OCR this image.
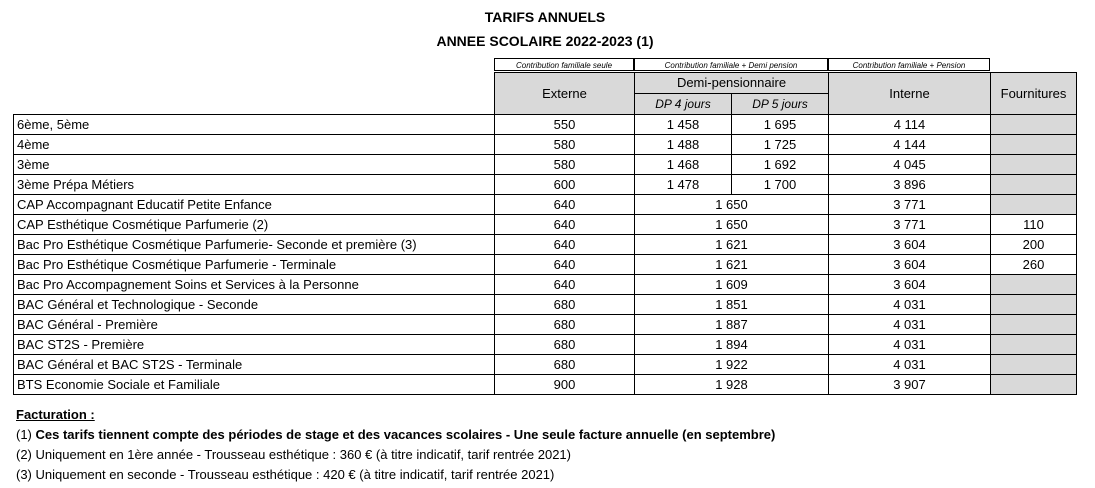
TARIFS ANNUELS
ANNEE SCOLAIRE 2022-2023 (1)
Contribution familiale seule	Contribution familiale + Demi pension	Contribution familiale + Pension
	Externe	Demi-pensionnaire		Interne	Fournitures
		DP 4 jours	DP 5 jours		
6ème, 5ème	550	1 458	1 695	4 114	
4ème	580	1 488	1 725	4 144	
3ème	580	1 468	1 692	4 045	
3ème Prépa Métiers	600	1 478	1 700	3 896	
CAP Accompagnant Educatif Petite Enfance	640	1 650		3 771	
CAP Esthétique Cosmétique Parfumerie (2)	640	1 650		3 771	110
Bac Pro Esthétique Cosmétique Parfumerie- Seconde et première (3)	640	1 621		3 604	200
Bac Pro Esthétique Cosmétique Parfumerie - Terminale	640	1 621		3 604	260
Bac Pro Accompagnement Soins et Services à la Personne	640	1 609		3 604	
BAC Général et Technologique - Seconde	680	1 851		4 031	
BAC Général - Première	680	1 887		4 031	
BAC ST2S - Première	680	1 894		4 031	
BAC Général et BAC ST2S - Terminale	680	1 922		4 031	
BTS Economie Sociale et Familiale	900	1 928		3 907	
Facturation :
(1) Ces tarifs tiennent compte des périodes de stage et des vacances scolaires - Une seule facture annuelle (en septembre)
(2) Uniquement en 1ère année - Trousseau esthétique : 360 € (à titre indicatif, tarif rentrée 2021)
(3) Uniquement en seconde - Trousseau esthétique : 420 € (à titre indicatif, tarif rentrée 2021)
